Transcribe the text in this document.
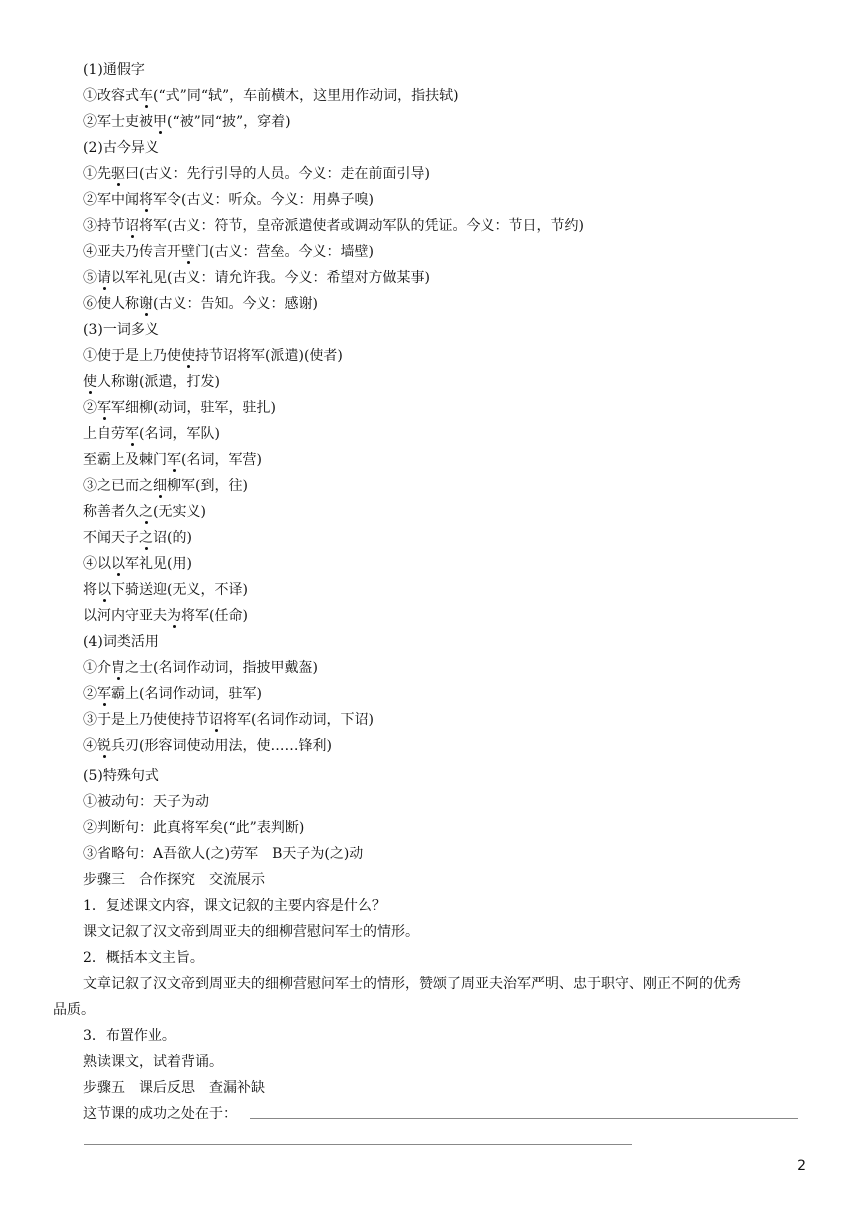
(1)通假字
①改容式车(“式”同“轼”，车前横木，这里用作动词，指扶轼)
②军士吏被甲(“被”同“披”，穿着)
(2)古今异义
①先驱曰(古义：先行引导的人员。今义：走在前面引导)
②军中闻将军令(古义：听众。今义：用鼻子嗅)
③持节诏将军(古义：符节，皇帝派遣使者或调动军队的凭证。今义：节日，节约)
④亚夫乃传言开壁门(古义：营垒。今义：墙壁)
⑤请以军礼见(古义：请允许我。今义：希望对方做某事)
⑥使人称谢(古义：告知。今义：感谢)
(3)一词多义
①使于是上乃使使持节诏将军(派遣)(使者)
使人称谢(派遣，打发)
②军军细柳(动词，驻军，驻扎)
上自劳军(名词，军队)
至霸上及棘门军(名词，军营)
③之已而之细柳军(到，往)
称善者久之(无实义)
不闻天子之诏(的)
④以以军礼见(用)
将以下骑送迎(无义，不译)
以河内守亚夫为将军(任命)
(4)词类活用
①介胄之士(名词作动词，指披甲戴盔)
②军霸上(名词作动词，驻军)
③于是上乃使使持节诏将军(名词作动词，下诏)
④锐兵刃(形容词使动用法，使……锋利)
(5)特殊句式
①被动句：天子为动
②判断句：此真将军矣(“此”表判断)
③省略句：A吾欲人(之)劳军　 B天子为(之)动
步骤三　 合作探究　 交流展示
1．复述课文内容，课文记叙的主要内容是什么？
课文记叙了汉文帝到周亚夫的细柳营慰问军士的情形。
2．概括本文主旨。
文章记叙了汉文帝到周亚夫的细柳营慰问军士的情形，赞颂了周亚夫治军严明、忠于职守、刚正不阿的优秀
品质。
3．布置作业。
熟读课文，试着背诵。
步骤五　 课后反思　 查漏补缺
这节课的成功之处在于：
2
